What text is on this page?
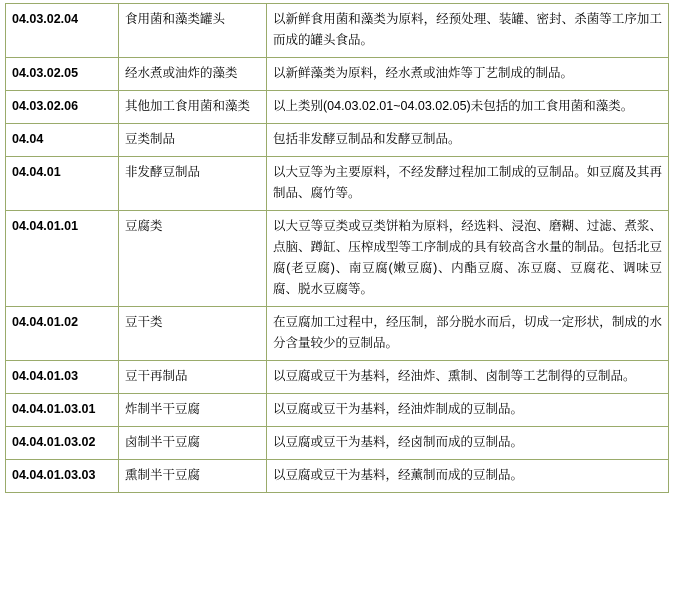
04.03.02.04	食用菌和藻类罐头	以新鲜食用菌和藻类为原料，经预处理、装罐、密封、杀菌等工序加工而成的罐头食品。
04.03.02.05	经水煮或油炸的藻类	以新鲜藻类为原料，经水煮或油炸等丁艺制成的制品。
04.03.02.06	其他加工食用菌和藻类	以上类别(04.03.02.01~04.03.02.05)未包括的加工食用菌和藻类。
04.04	豆类制品	包括非发酵豆制品和发酵豆制品。
04.04.01	非发酵豆制品	以大豆等为主要原料，不经发酵过程加工制成的豆制品。如豆腐及其再制品、腐竹等。
04.04.01.01	豆腐类	以大豆等豆类或豆类饼粕为原料，经选料、浸泡、磨糊、过滤、煮浆、点脑、蹲缸、压榨成型等工序制成的具有较高含水量的制品。包括北豆腐(老豆腐)、南豆腐(嫩豆腐)、内酯豆腐、冻豆腐、豆腐花、调味豆腐、脱水豆腐等。
04.04.01.02	豆干类	在豆腐加工过程中，经压制，部分脱水而后，切成一定形状，制成的水分含量较少的豆制品。
04.04.01.03	豆干再制品	以豆腐或豆干为基料，经油炸、熏制、卤制等工艺制得的豆制品。
04.04.01.03.01	炸制半干豆腐	以豆腐或豆干为基料，经油炸制成的豆制品。
04.04.01.03.02	卤制半干豆腐	以豆腐或豆干为基料，经卤制而成的豆制品。
04.04.01.03.03	熏制半干豆腐	以豆腐或豆干为基料，经薰制而成的豆制品。
